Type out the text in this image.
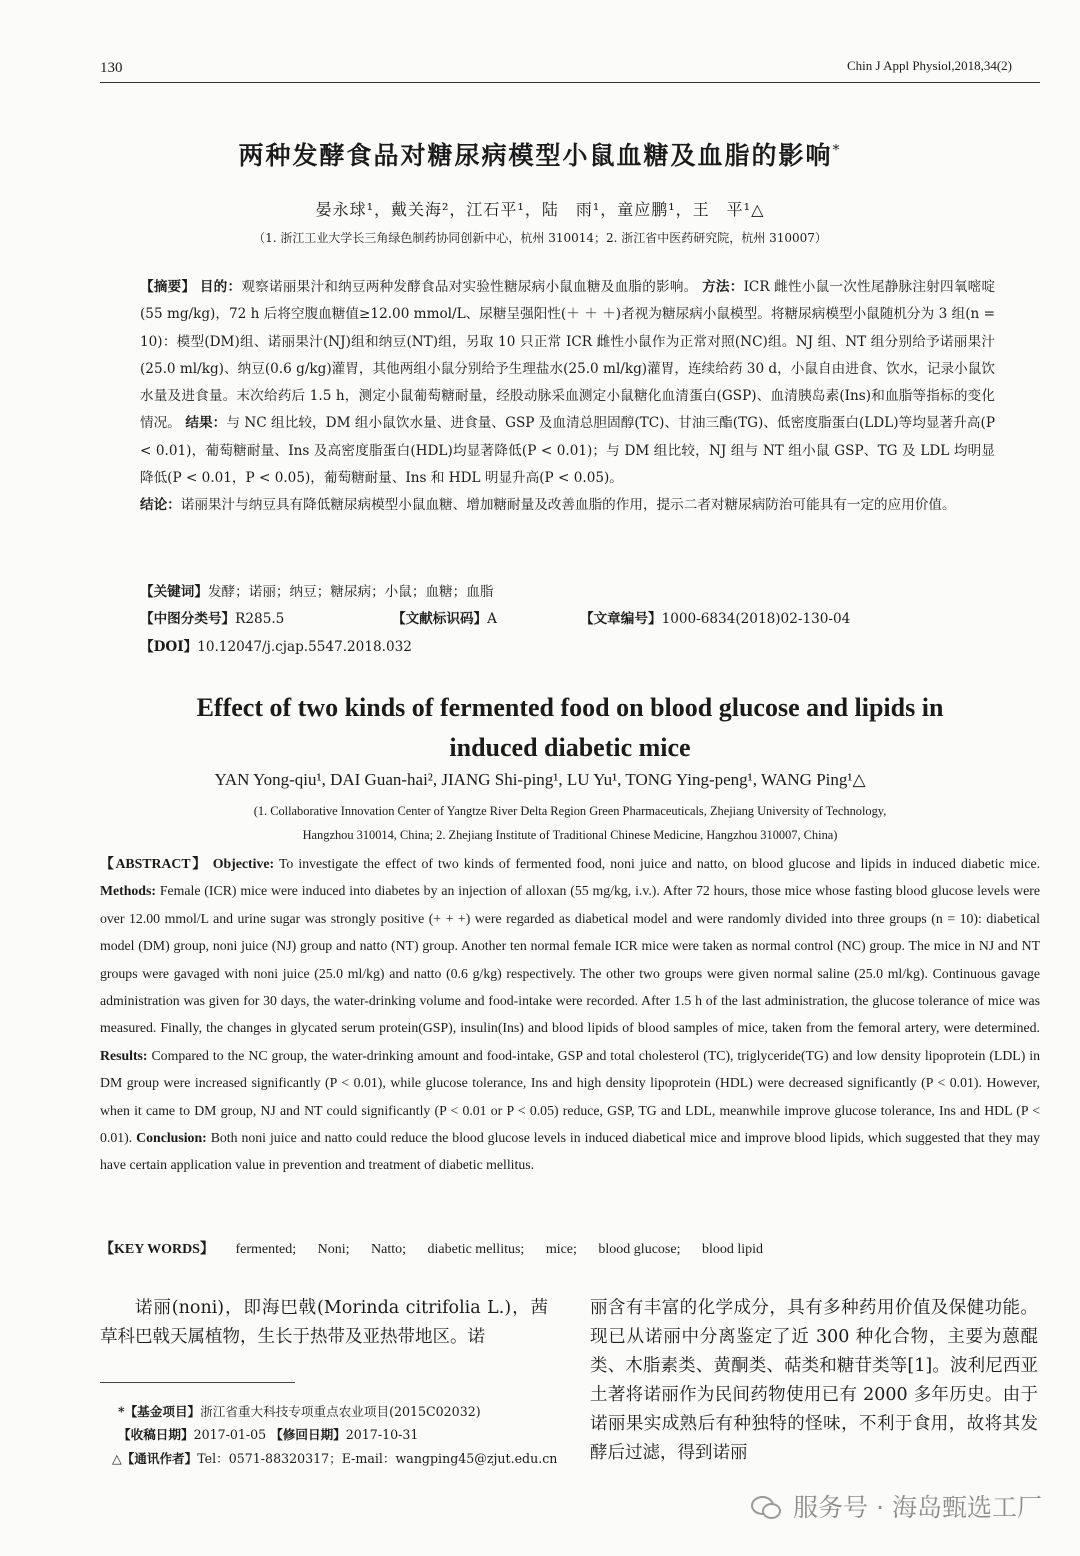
130	Chin J Appl Physiol,2018,34(2)
两种发酵食品对糖尿病模型小鼠血糖及血脂的影响*
晏永球¹，戴关海²，江石平¹，陆　雨¹，童应鹏¹，王　平¹△
（1. 浙江工业大学长三角绿色制药协同创新中心，杭州 310014；2. 浙江省中医药研究院，杭州 310007）
【摘要】 目的：观察诺丽果汁和纳豆两种发酵食品对实验性糖尿病小鼠血糖及血脂的影响。 方法：ICR 雌性小鼠一次性尾静脉注射四氧嘧啶(55 mg/kg)，72 h 后将空腹血糖值≥12.00 mmol/L、尿糖呈强阳性(＋ ＋ ＋)者视为糖尿病小鼠模型。将糖尿病模型小鼠随机分为 3 组(n = 10)：模型(DM)组、诺丽果汁(NJ)组和纳豆(NT)组，另取 10 只正常 ICR 雌性小鼠作为正常对照(NC)组。NJ 组、NT 组分别给予诺丽果汁(25.0 ml/kg)、纳豆(0.6 g/kg)灌胃，其他两组小鼠分别给予生理盐水(25.0 ml/kg)灌胃，连续给药 30 d，小鼠自由进食、饮水，记录小鼠饮水量及进食量。末次给药后 1.5 h，测定小鼠葡萄糖耐量，经股动脉采血测定小鼠糖化血清蛋白(GSP)、血清胰岛素(Ins)和血脂等指标的变化情况。 结果：与 NC 组比较，DM 组小鼠饮水量、进食量、GSP 及血清总胆固醇(TC)、甘油三酯(TG)、低密度脂蛋白(LDL)等均显著升高(P < 0.01)，葡萄糖耐量、Ins 及高密度脂蛋白(HDL)均显著降低(P < 0.01)；与 DM 组比较，NJ 组与 NT 组小鼠 GSP、TG 及 LDL 均明显降低(P < 0.01，P < 0.05)，葡萄糖耐量、Ins 和 HDL 明显升高(P < 0.05)。
结论：诺丽果汁与纳豆具有降低糖尿病模型小鼠血糖、增加糖耐量及改善血脂的作用，提示二者对糖尿病防治可能具有一定的应用价值。
【关键词】发酵；诺丽；纳豆；糖尿病；小鼠；血糖；血脂
【中图分类号】R285.5	【文献标识码】A	【文章编号】1000-6834(2018)02-130-04
【DOI】10.12047/j.cjap.5547.2018.032
Effect of two kinds of fermented food on blood glucose and lipids in
induced diabetic mice
YAN Yong-qiu¹, DAI Guan-hai², JIANG Shi-ping¹, LU Yu¹, TONG Ying-peng¹, WANG Ping¹△
(1. Collaborative Innovation Center of Yangtze River Delta Region Green Pharmaceuticals, Zhejiang University of Technology,
Hangzhou 310014, China; 2. Zhejiang Institute of Traditional Chinese Medicine, Hangzhou 310007, China)
【ABSTRACT】 Objective: To investigate the effect of two kinds of fermented food, noni juice and natto, on blood glucose and lipids in induced diabetic mice. Methods: Female (ICR) mice were induced into diabetes by an injection of alloxan (55 mg/kg, i.v.). After 72 hours, those mice whose fasting blood glucose levels were over 12.00 mmol/L and urine sugar was strongly positive (+ + +) were regarded as diabetical model and were randomly divided into three groups (n = 10): diabetical model (DM) group, noni juice (NJ) group and natto (NT) group. Another ten normal female ICR mice were taken as normal control (NC) group. The mice in NJ and NT groups were gavaged with noni juice (25.0 ml/kg) and natto (0.6 g/kg) respectively. The other two groups were given normal saline (25.0 ml/kg). Continuous gavage administration was given for 30 days, the water-drinking volume and food-intake were recorded. After 1.5 h of the last administration, the glucose tolerance of mice was measured. Finally, the changes in glycated serum protein(GSP), insulin(Ins) and blood lipids of blood samples of mice, taken from the femoral artery, were determined. Results: Compared to the NC group, the water-drinking amount and food-intake, GSP and total cholesterol (TC), triglyceride(TG) and low density lipoprotein (LDL) in DM group were increased significantly (P < 0.01), while glucose tolerance, Ins and high density lipoprotein (HDL) were decreased significantly (P < 0.01). However, when it came to DM group, NJ and NT could significantly (P < 0.01 or P < 0.05) reduce, GSP, TG and LDL, meanwhile improve glucose tolerance, Ins and HDL (P < 0.01). Conclusion: Both noni juice and natto could reduce the blood glucose levels in induced diabetical mice and improve blood lipids, which suggested that they may have certain application value in prevention and treatment of diabetic mellitus.
【KEY WORDS】 fermented; Noni; Natto; diabetic mellitus; mice; blood glucose; blood lipid
诺丽(noni)，即海巴戟(Morinda citrifolia L.)，茜草科巴戟天属植物，生长于热带及亚热带地区。诺
丽含有丰富的化学成分，具有多种药用价值及保健功能。现已从诺丽中分离鉴定了近 300 种化合物，主要为蒽醌类、木脂素类、黄酮类、萜类和糖苷类等[1]。波利尼西亚土著将诺丽作为民间药物使用已有 2000 多年历史。由于诺丽果实成熟后有种独特的怪味，不利于食用，故将其发酵后过滤，得到诺丽
*【基金项目】浙江省重大科技专项重点农业项目(2015C02032)
【收稿日期】2017-01-05 【修回日期】2017-10-31
△【通讯作者】Tel：0571-88320317；E-mail：wangping45@zjut.edu.cn
服务号 · 海岛甄选工厂
